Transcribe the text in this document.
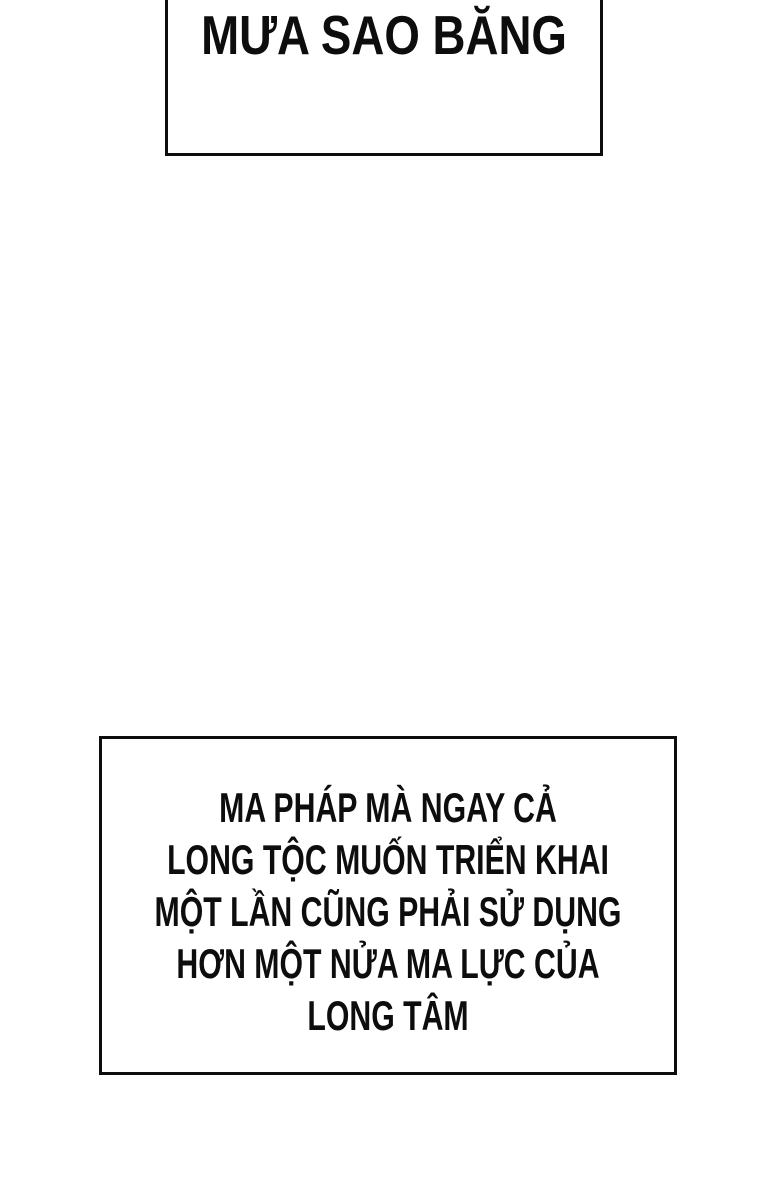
MƯA SAO BĂNG
MA PHÁP MÀ NGAY CẢ
LONG TỘC MUỐN TRIỂN KHAI
MỘT LẦN CŨNG PHẢI SỬ DỤNG
HƠN MỘT NỬA MA LỰC CỦA
LONG TÂM
